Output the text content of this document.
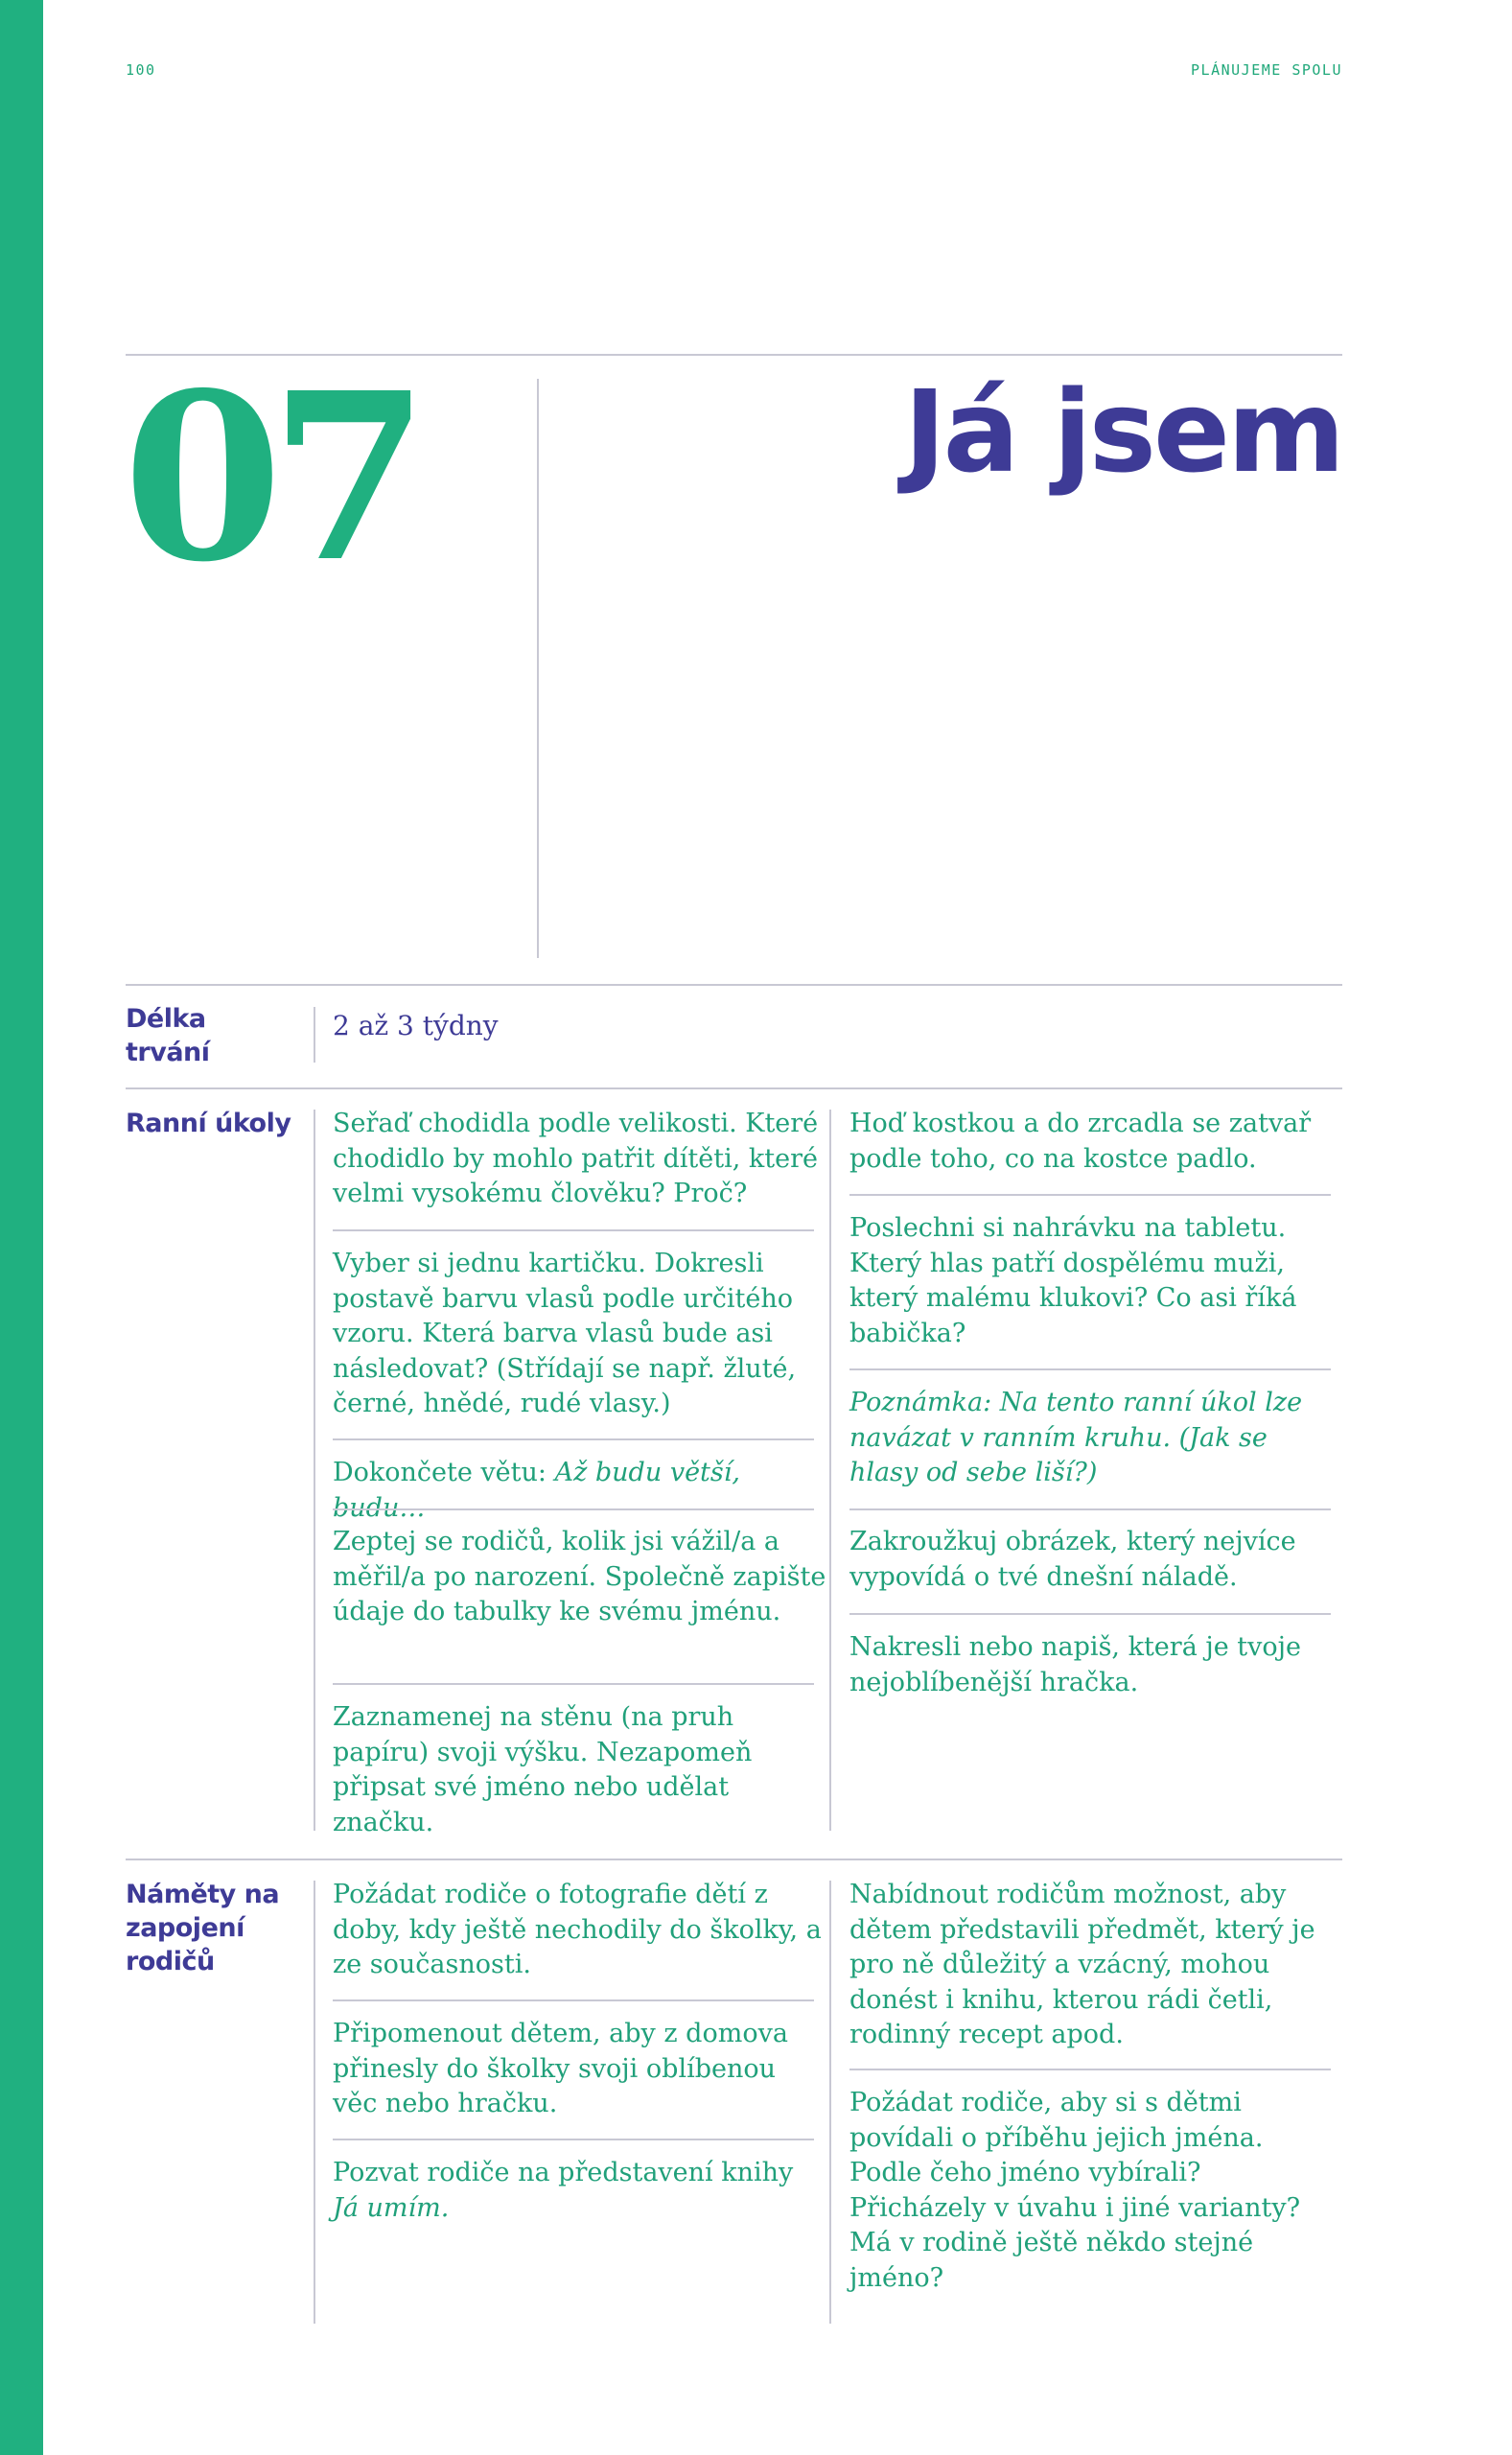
100	PLÁNUJEME SPOLU
07	Já jsem
Délka trvání
2 až 3 týdny
Ranní úkoly Seřaď chodidla podle velikosti. Které chodidlo by mohlo patřit dítěti, které velmi vysokému člověku? Proč?
Vyber si jednu kartičku. Dokresli postavě barvu vlasů podle určitého vzoru. Která barva vlasů bude asi následovat? (Střídají se např. žluté, černé, hnědé, rudé vlasy.)
Dokončete větu: Až budu větší, budu…
Zeptej se rodičů, kolik jsi vážil/a a měřil/a po narození. Společně zapište údaje do tabulky ke svému jménu.
Zaznamenej na stěnu (na pruh papíru) svoji výšku. Nezapomeň připsat své jméno nebo udělat značku.
Hoď kostkou a do zrcadla se zatvař podle toho, co na kostce padlo.
Poslechni si nahrávku na tabletu. Který hlas patří dospělému muži, který malému klukovi? Co asi říká babička?
Poznámka: Na tento ranní úkol lze navázat v ranním kruhu. (Jak se hlasy od sebe liší?)
Zakroužkuj obrázek, který nejvíce vypovídá o tvé dnešní náladě.
Nakresli nebo napiš, která je tvoje nejoblíbenější hračka.
Náměty na zapojení rodičů
Požádat rodiče o fotografie dětí z doby, kdy ještě nechodily do školky, a ze současnosti.
Připomenout dětem, aby z domova přinesly do školky svoji oblíbenou věc nebo hračku.
Pozvat rodiče na představení knihy Já umím.
Nabídnout rodičům možnost, aby dětem představili předmět, který je pro ně důležitý a vzácný, mohou donést i knihu, kterou rádi četli, rodinný recept apod.
Požádat rodiče, aby si s dětmi povídali o příběhu jejich jména. Podle čeho jméno vybírali? Přicházely v úvahu i jiné varianty? Má v rodině ještě někdo stejné jméno?
